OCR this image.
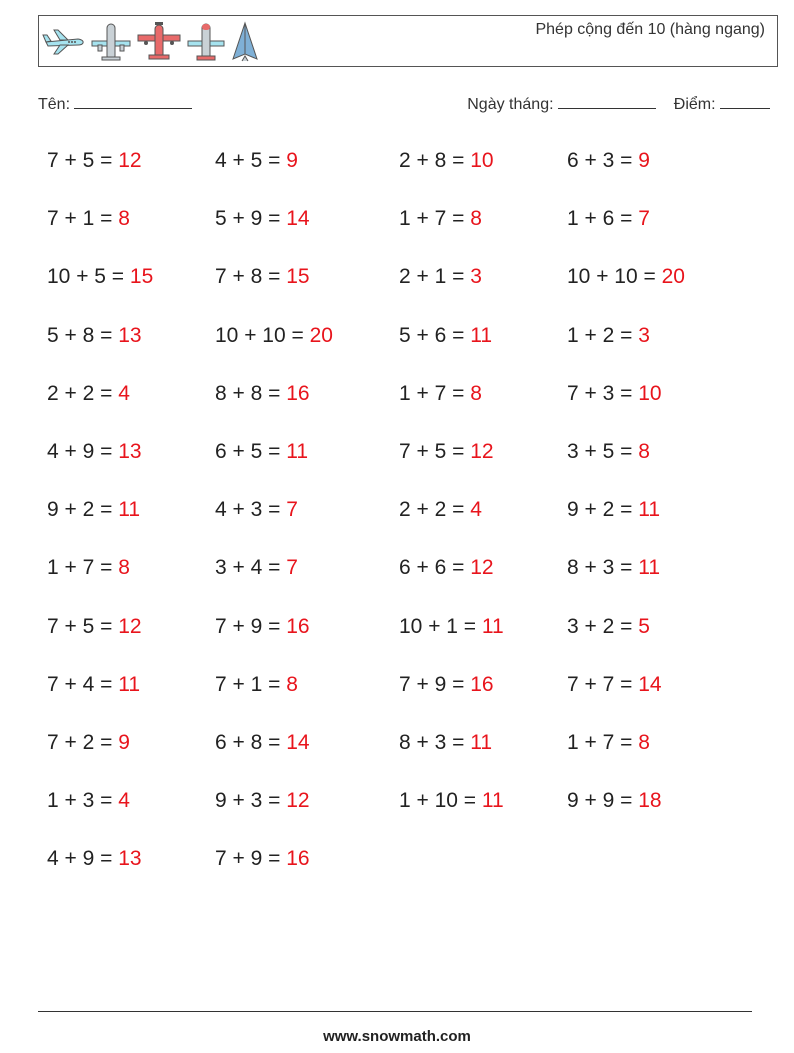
Phép cộng đến 10 (hàng ngang)
Tên:	Ngày tháng:	Điểm:
7 + 5 = 12	4 + 5 = 9	2 + 8 = 10	6 + 3 = 9
7 + 1 = 8	5 + 9 = 14	1 + 7 = 8	1 + 6 = 7
10 + 5 = 15	7 + 8 = 15	2 + 1 = 3	10 + 10 = 20
5 + 8 = 13	10 + 10 = 20	5 + 6 = 11	1 + 2 = 3
2 + 2 = 4	8 + 8 = 16	1 + 7 = 8	7 + 3 = 10
4 + 9 = 13	6 + 5 = 11	7 + 5 = 12	3 + 5 = 8
9 + 2 = 11	4 + 3 = 7	2 + 2 = 4	9 + 2 = 11
1 + 7 = 8	3 + 4 = 7	6 + 6 = 12	8 + 3 = 11
7 + 5 = 12	7 + 9 = 16	10 + 1 = 11	3 + 2 = 5
7 + 4 = 11	7 + 1 = 8	7 + 9 = 16	7 + 7 = 14
7 + 2 = 9	6 + 8 = 14	8 + 3 = 11	1 + 7 = 8
1 + 3 = 4	9 + 3 = 12	1 + 10 = 11	9 + 9 = 18
4 + 9 = 13	7 + 9 = 16
www.snowmath.com
